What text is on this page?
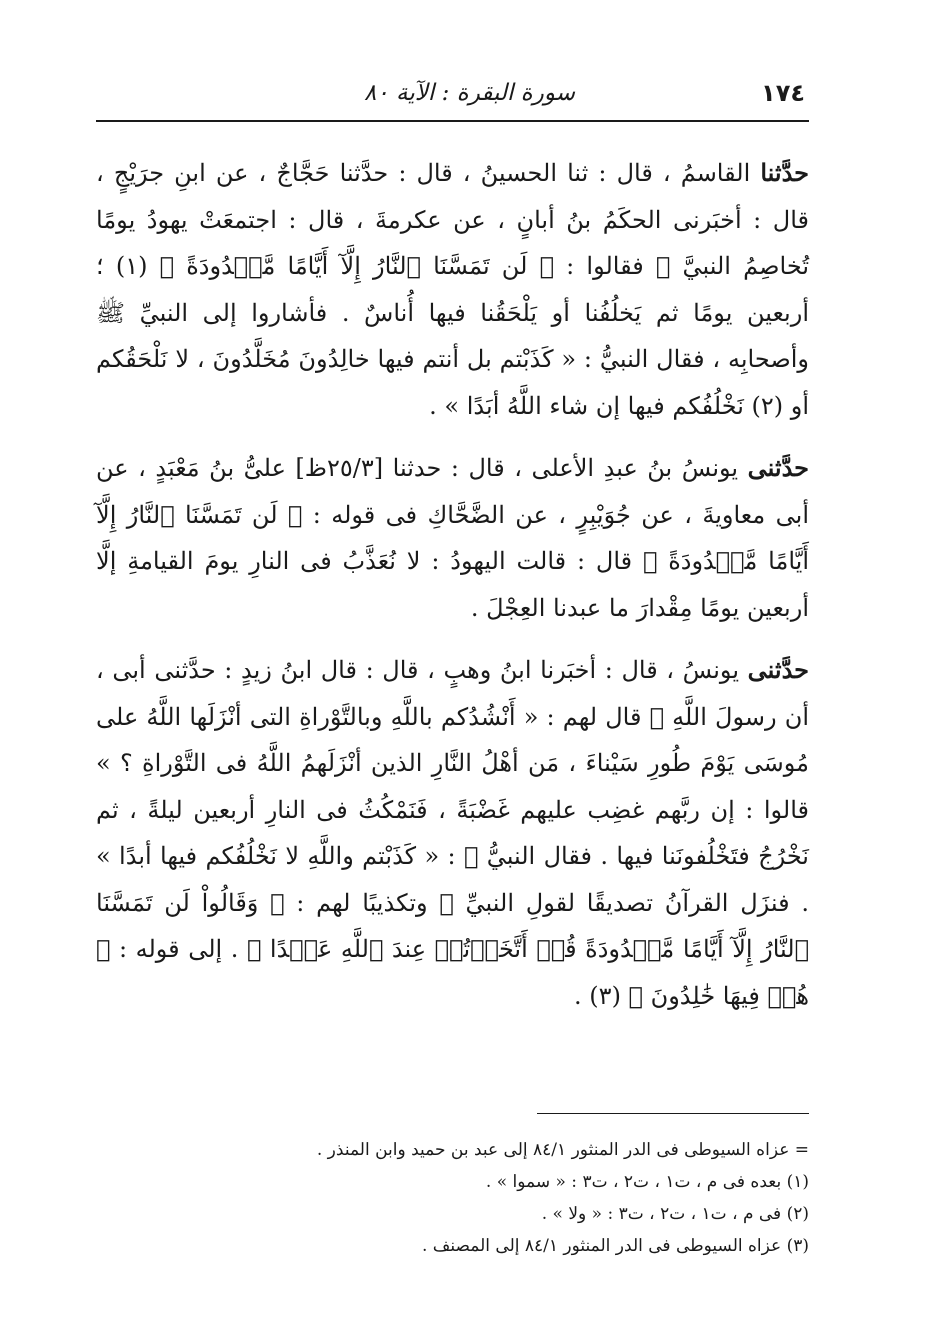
١٧٤
سورة البقرة : الآية ٨٠

حدَّثنا القاسمُ ، قال : ثنا الحسينُ ، قال : حدَّثنا حَجَّاجٌ ، عن ابنِ جرَيْجٍ ، قال : أخبَرنى الحكَمُ بنُ أبانٍ ، عن عكرمةَ ، قال : اجتمعَتْ يهودُ يومًا تُخاصِمُ النبيَّ ﷺ فقالوا : ﴿ لَن تَمَسَّنَا ٱلنَّارُ إِلَّآ أَيَّامًا مَّعۡدُودَةً ﴾ (١) ؛ أربعين يومًا ثم يَخلُفُنا أو يَلْحَقُنا فيها أُناسٌ . فأشاروا إلى النبيِّ ﷺ وأصحابِه ، فقال النبيُّ : « كَذَبْتم بل أنتم فيها خالِدُونَ مُخَلَّدُونَ ، لا نَلْحَقُكم أو (٢) نَخْلُفُكم فيها إن شاء اللَّهُ أبَدًا » .

حدَّثنى يونسُ بنُ عبدِ الأعلى ، قال : حدثنا [٢٥/٣ظ] علىُّ بنُ مَعْبَدٍ ، عن أبى معاويةَ ، عن جُوَيْبِرٍ ، عن الضَّحَّاكِ فى قوله : ﴿ لَن تَمَسَّنَا ٱلنَّارُ إِلَّآ أَيَّامًا مَّعۡدُودَةً ﴾ قال : قالت اليهودُ : لا نُعَذَّبُ فى النارِ يومَ القيامةِ إلَّا أربعين يومًا مِقْدارَ ما عبدنا العِجْلَ .

حدَّثنى يونسُ ، قال : أخبَرنا ابنُ وهبٍ ، قال : قال ابنُ زيدٍ : حدَّثنى أبى ، أن رسولَ اللَّهِ ﷺ قال لهم : « أَنْشُدُكم باللَّهِ وبالتَّوْراةِ التى أنْزَلَها اللَّهُ على مُوسَى يَوْمَ طُورِ سَيْناءَ ، مَن أهْلُ النَّارِ الذين أنْزَلَهمُ اللَّهُ فى التَّوْراةِ ؟ » قالوا : إن ربَّهم غضِب عليهم غَضْبَةً ، فَنَمْكُثُ فى النارِ أربعين ليلةً ، ثم نَخْرُجُ فتَخْلُفونَنا فيها . فقال النبيُّ ﷺ : « كَذَبْتم واللَّهِ لا نَخْلُفُكم فيها أبدًا » . فنزَل القرآنُ تصديقًا لقولِ النبيِّ ﷺ وتكذيبًا لهم : ﴿ وَقَالُواْ لَن تَمَسَّنَا ٱلنَّارُ إِلَّآ أَيَّامًا مَّعۡدُودَةً قُلۡ أَتَّخَذۡتُمۡ عِندَ ٱللَّهِ عَهۡدًا ﴾ . إلى قوله : ﴿ هُمۡ فِيهَا خَٰلِدُونَ ﴾ (٣) .

= عزاه السيوطى فى الدر المنثور ٨٤/١ إلى عبد بن حميد وابن المنذر .

(١) بعده فى م ، ت١ ، ت٢ ، ت٣ : « سموا » .

(٢) فى م ، ت١ ، ت٢ ، ت٣ : « ولا » .

(٣) عزاه السيوطى فى الدر المنثور ٨٤/١ إلى المصنف .
